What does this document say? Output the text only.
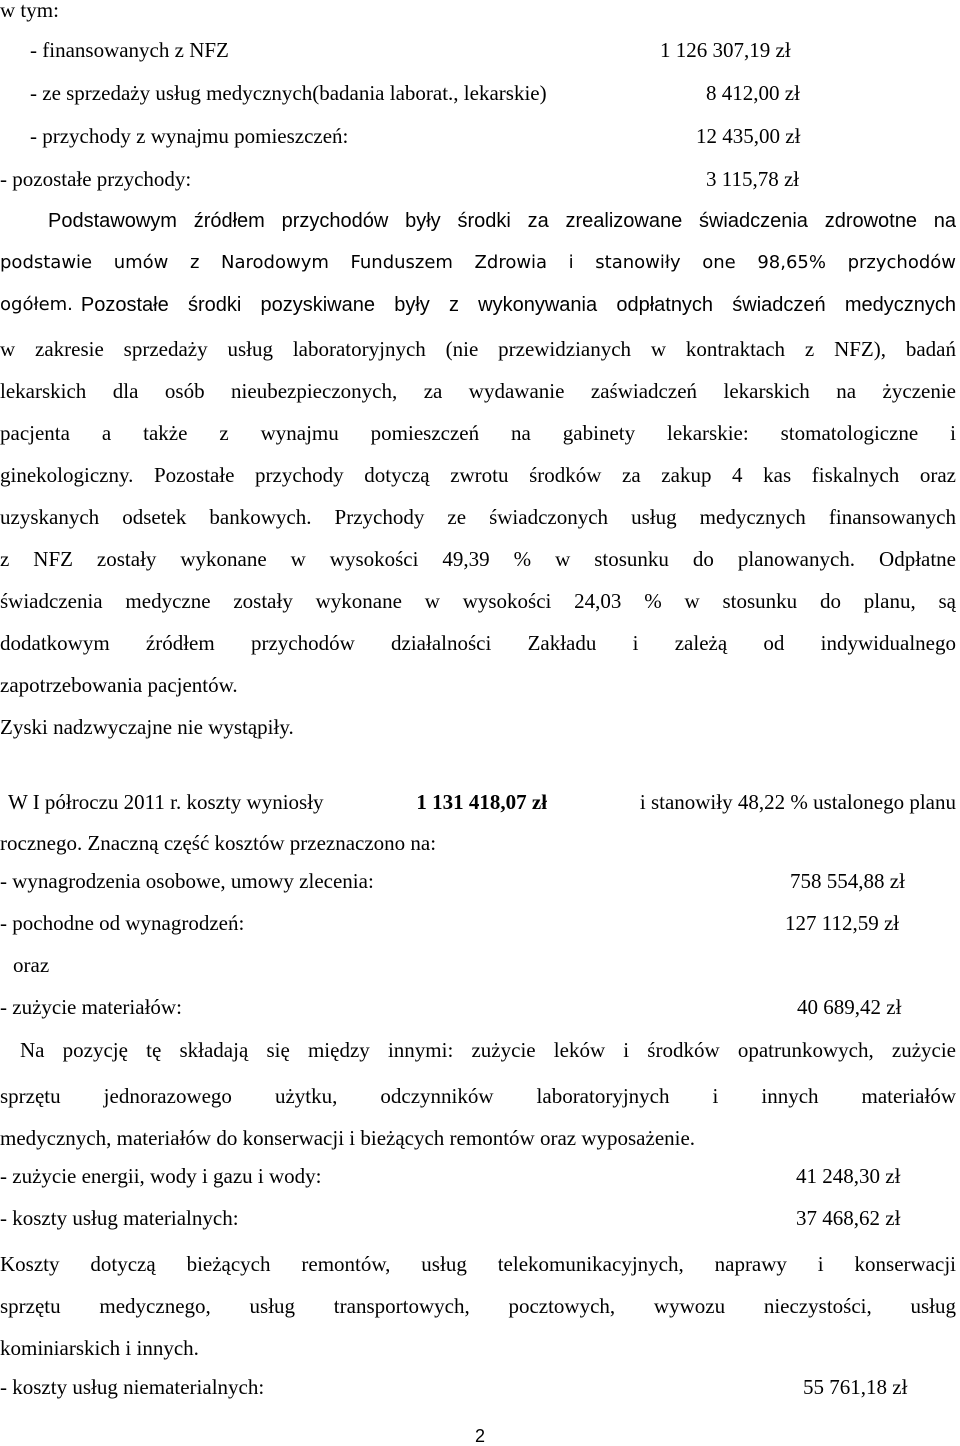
w tym:
- finansowanych z NFZ	1 126 307,19 zł
- ze sprzedaży usług medycznych(badania laborat., lekarskie)	8 412,00 zł
- przychody z wynajmu pomieszczeń:	12 435,00 zł
- pozostałe przychody:	3 115,78 zł
Podstawowym źródłem przychodów były środki za zrealizowane świadczenia zdrowotne na
podstawie umów z Narodowym Funduszem Zdrowia i stanowiły one 98,65% przychodów
ogółem. Pozostałe środki pozyskiwane były z wykonywania odpłatnych świadczeń medycznych
w zakresie sprzedaży usług laboratoryjnych (nie przewidzianych w kontraktach z NFZ), badań
lekarskich dla osób nieubezpieczonych, za wydawanie zaświadczeń lekarskich na życzenie
pacjenta a także z wynajmu pomieszczeń na gabinety lekarskie: stomatologiczne i
ginekologiczny. Pozostałe przychody dotyczą zwrotu środków za zakup 4 kas fiskalnych oraz
uzyskanych odsetek bankowych. Przychody ze świadczonych usług medycznych finansowanych
z NFZ zostały wykonane w wysokości 49,39 % w stosunku do planowanych. Odpłatne
świadczenia medyczne zostały wykonane w wysokości 24,03 % w stosunku do planu, są
dodatkowym źródłem przychodów działalności Zakładu i zależą od indywidualnego
zapotrzebowania pacjentów.
Zyski nadzwyczajne nie wystąpiły.
W I półroczu 2011 r. koszty wyniosły	1 131 418,07 zł	i stanowiły 48,22 % ustalonego planu
rocznego. Znaczną część kosztów przeznaczono na:
- wynagrodzenia osobowe, umowy zlecenia:	758 554,88 zł
- pochodne od wynagrodzeń:	127 112,59 zł
oraz
- zużycie materiałów:	40 689,42 zł
Na pozycję tę składają się między innymi: zużycie leków i środków opatrunkowych, zużycie
sprzętu jednorazowego użytku, odczynników laboratoryjnych i innych materiałów
medycznych, materiałów do konserwacji i bieżących remontów oraz wyposażenie.
- zużycie energii, wody i gazu i wody:	41 248,30 zł
- koszty usług materialnych:	37 468,62 zł
Koszty dotyczą bieżących remontów, usług telekomunikacyjnych, naprawy i konserwacji
sprzętu medycznego, usług transportowych, pocztowych, wywozu nieczystości, usług
kominiarskich i innych.
- koszty usług niematerialnych:	55 761,18 zł
2
